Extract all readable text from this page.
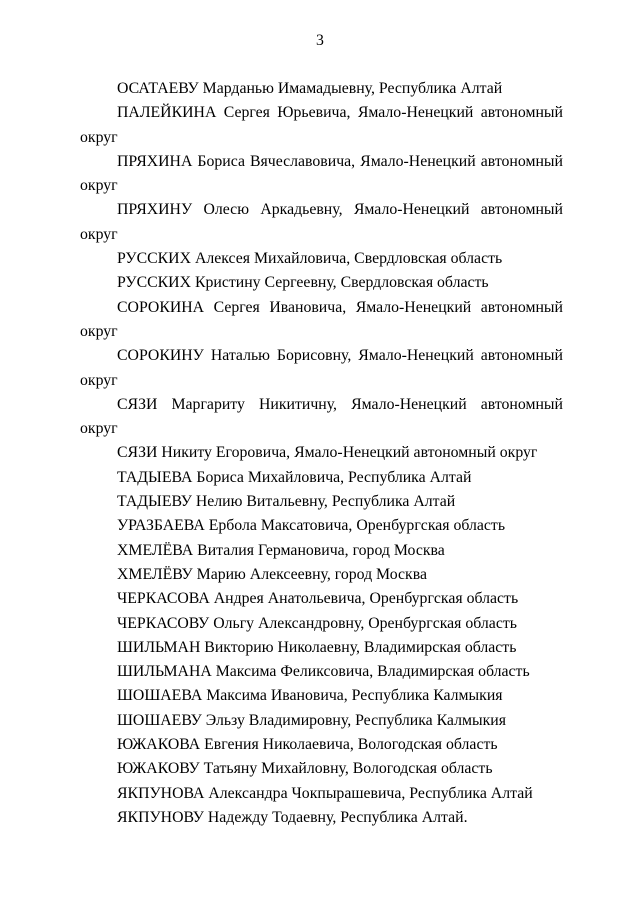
3

ОСАТАЕВУ Марданью Имамадыевну, Республика Алтай

ПАЛЕЙКИНА Сергея Юрьевича, Ямало-Ненецкий автономный округ

ПРЯХИНА Бориса Вячеславовича, Ямало-Ненецкий автономный округ

ПРЯХИНУ Олесю Аркадьевну, Ямало-Ненецкий автономный округ

РУССКИХ Алексея Михайловича, Свердловская область

РУССКИХ Кристину Сергеевну, Свердловская область

СОРОКИНА Сергея Ивановича, Ямало-Ненецкий автономный округ

СОРОКИНУ Наталью Борисовну, Ямало-Ненецкий автономный округ

СЯЗИ Маргариту Никитичну, Ямало-Ненецкий автономный округ

СЯЗИ Никиту Егоровича, Ямало-Ненецкий автономный округ

ТАДЫЕВА Бориса Михайловича, Республика Алтай

ТАДЫЕВУ Нелию Витальевну, Республика Алтай

УРАЗБАЕВА Ербола Максатовича, Оренбургская область

ХМЕЛЁВА Виталия Германовича, город Москва

ХМЕЛЁВУ Марию Алексеевну, город Москва

ЧЕРКАСОВА Андрея Анатольевича, Оренбургская область

ЧЕРКАСОВУ Ольгу Александровну, Оренбургская область

ШИЛЬМАН Викторию Николаевну, Владимирская область

ШИЛЬМАНА Максима Феликсовича, Владимирская область

ШОШАЕВА Максима Ивановича, Республика Калмыкия

ШОШАЕВУ Эльзу Владимировну, Республика Калмыкия

ЮЖАКОВА Евгения Николаевича, Вологодская область

ЮЖАКОВУ Татьяну Михайловну, Вологодская область

ЯКПУНОВА Александра Чокпырашевича, Республика Алтай

ЯКПУНОВУ Надежду Тодаевну, Республика Алтай.
